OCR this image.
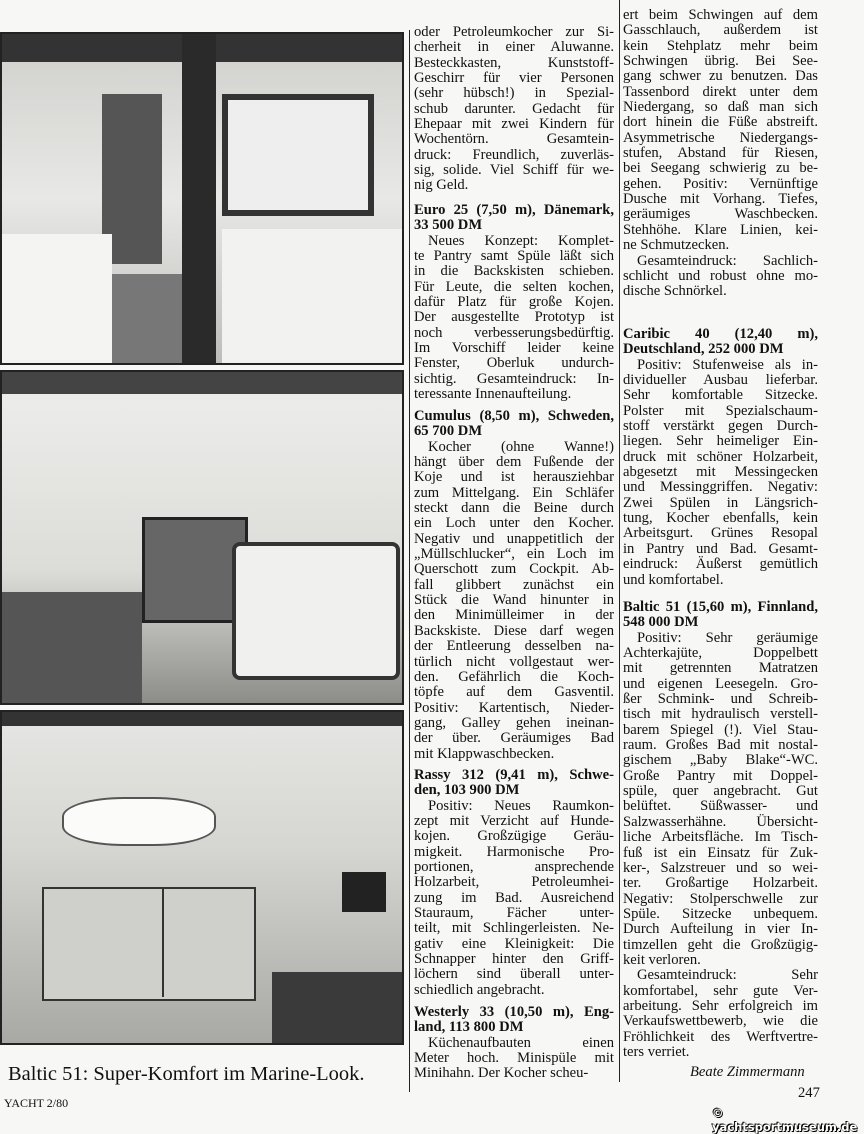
oder Petroleumkocher zur Si-
cherheit in einer Aluwanne.
Besteckkasten, Kunststoff-
Geschirr für vier Personen
(sehr hübsch!) in Spezial-
schub darunter. Gedacht für
Ehepaar mit zwei Kindern für
Wochentörn. Gesamtein-
druck: Freundlich, zuverläs-
sig, solide. Viel Schiff für we-
nig Geld.
Euro 25 (7,50 m), Dänemark,
33 500 DM
Neues Konzept: Komplet-
te Pantry samt Spüle läßt sich
in die Backskisten schieben.
Für Leute, die selten kochen,
dafür Platz für große Kojen.
Der ausgestellte Prototyp ist
noch verbesserungsbedürftig.
Im Vorschiff leider keine
Fenster, Oberluk undurch-
sichtig. Gesamteindruck: In-
teressante Innenaufteilung.
Cumulus (8,50 m), Schweden,
65 700 DM
Kocher (ohne Wanne!)
hängt über dem Fußende der
Koje und ist herausziehbar
zum Mittelgang. Ein Schläfer
steckt dann die Beine durch
ein Loch unter den Kocher.
Negativ und unappetitlich der
„Müllschlucker“, ein Loch im
Querschott zum Cockpit. Ab-
fall glibbert zunächst ein
Stück die Wand hinunter in
den Minimülleimer in der
Backskiste. Diese darf wegen
der Entleerung desselben na-
türlich nicht vollgestaut wer-
den. Gefährlich die Koch-
töpfe auf dem Gasventil.
Positiv: Kartentisch, Nieder-
gang, Galley gehen ineinan-
der über. Geräumiges Bad
mit Klappwaschbecken.
Rassy 312 (9,41 m), Schwe-
den, 103 900 DM
Positiv: Neues Raumkon-
zept mit Verzicht auf Hunde-
kojen. Großzügige Geräu-
migkeit. Harmonische Pro-
portionen, ansprechende
Holzarbeit, Petroleumhei-
zung im Bad. Ausreichend
Stauraum, Fächer unter-
teilt, mit Schlingerleisten. Ne-
gativ eine Kleinigkeit: Die
Schnapper hinter den Griff-
löchern sind überall unter-
schiedlich angebracht.
Westerly 33 (10,50 m), Eng-
land, 113 800 DM
Küchenaufbauten einen
Meter hoch. Minispüle mit
Minihahn. Der Kocher scheu-
ert beim Schwingen auf dem
Gasschlauch, außerdem ist
kein Stehplatz mehr beim
Schwingen übrig. Bei See-
gang schwer zu benutzen. Das
Tassenbord direkt unter dem
Niedergang, so daß man sich
dort hinein die Füße abstreift.
Asymmetrische Niedergangs-
stufen, Abstand für Riesen,
bei Seegang schwierig zu be-
gehen. Positiv: Vernünftige
Dusche mit Vorhang. Tiefes,
geräumiges Waschbecken.
Stehhöhe. Klare Linien, kei-
ne Schmutzecken.
Gesamteindruck: Sachlich-
schlicht und robust ohne mo-
dische Schnörkel.
Caribic 40 (12,40 m),
Deutschland, 252 000 DM
Positiv: Stufenweise als in-
dividueller Ausbau lieferbar.
Sehr komfortable Sitzecke.
Polster mit Spezialschaum-
stoff verstärkt gegen Durch-
liegen. Sehr heimeliger Ein-
druck mit schöner Holzarbeit,
abgesetzt mit Messingecken
und Messinggriffen. Negativ:
Zwei Spülen in Längsrich-
tung, Kocher ebenfalls, kein
Arbeitsgurt. Grünes Resopal
in Pantry und Bad. Gesamt-
eindruck: Äußerst gemütlich
und komfortabel.
Baltic 51 (15,60 m), Finnland,
548 000 DM
Positiv: Sehr geräumige
Achterkajüte, Doppelbett
mit getrennten Matratzen
und eigenen Leesegeln. Gro-
ßer Schmink- und Schreib-
tisch mit hydraulisch verstell-
barem Spiegel (!). Viel Stau-
raum. Großes Bad mit nostal-
gischem „Baby Blake“-WC.
Große Pantry mit Doppel-
spüle, quer angebracht. Gut
belüftet. Süßwasser- und
Salzwasserhähne. Übersicht-
liche Arbeitsfläche. Im Tisch-
fuß ist ein Einsatz für Zuk-
ker-, Salzstreuer und so wei-
ter. Großartige Holzarbeit.
Negativ: Stolperschwelle zur
Spüle. Sitzecke unbequem.
Durch Aufteilung in vier In-
timzellen geht die Großzügig-
keit verloren.
Gesamteindruck: Sehr
komfortabel, sehr gute Ver-
arbeitung. Sehr erfolgreich im
Verkaufswettbewerb, wie die
Fröhlichkeit des Werftvertre-
ters verriet.
Baltic 51: Super-Komfort im Marine-Look.
YACHT 2/80
Beate Zimmermann
247
© yachtsportmuseum.de
